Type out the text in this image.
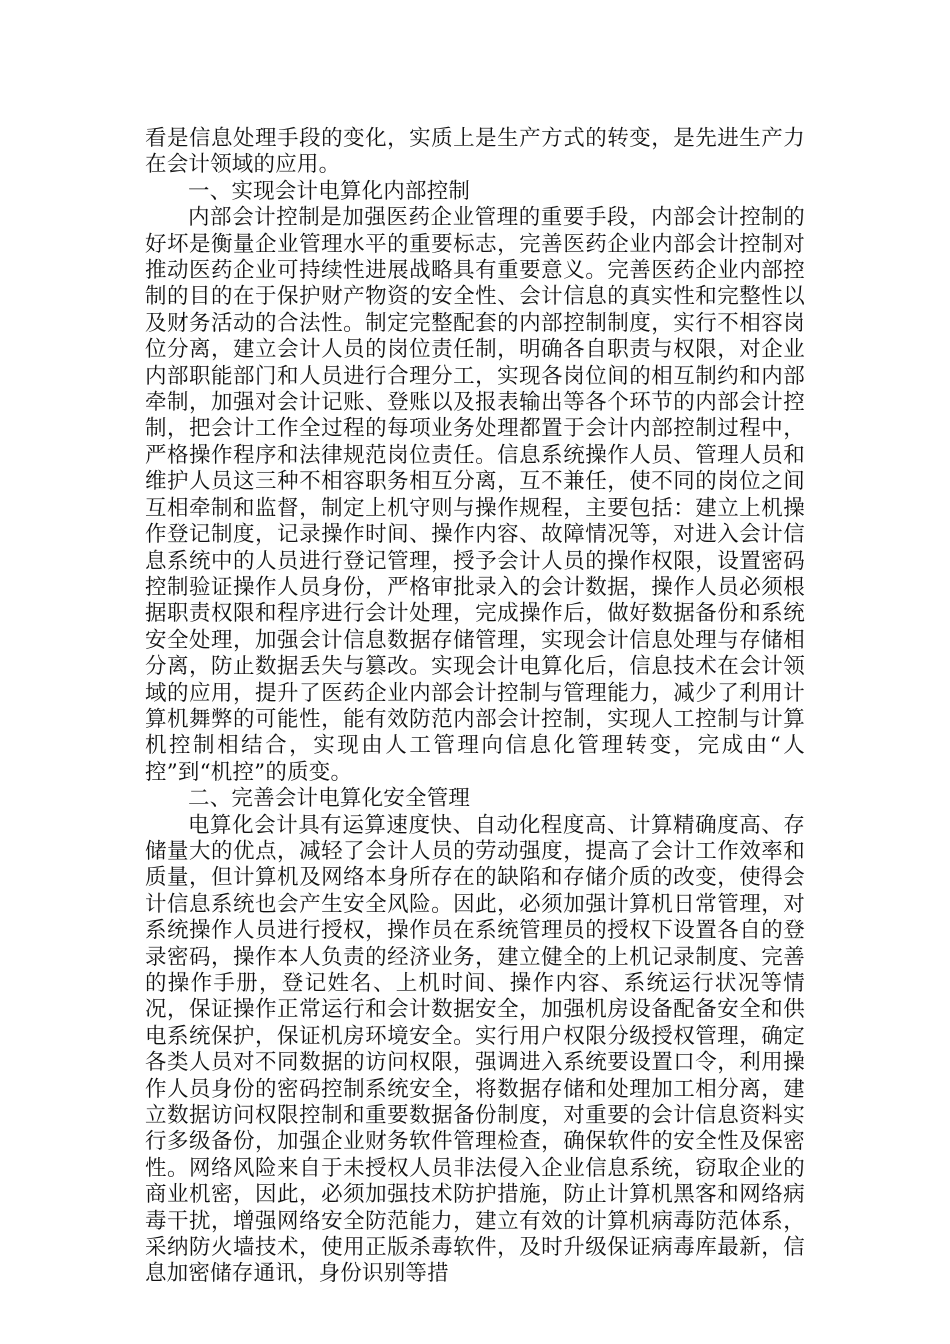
看是信息处理手段的变化，实质上是生产方式的转变，是先进生产力在会计领域的应用。

一、实现会计电算化内部控制

内部会计控制是加强医药企业管理的重要手段，内部会计控制的好坏是衡量企业管理水平的重要标志，完善医药企业内部会计控制对推动医药企业可持续性进展战略具有重要意义。完善医药企业内部控制的目的在于保护财产物资的安全性、会计信息的真实性和完整性以及财务活动的合法性。制定完整配套的内部控制制度，实行不相容岗位分离，建立会计人员的岗位责任制，明确各自职责与权限，对企业内部职能部门和人员进行合理分工，实现各岗位间的相互制约和内部牵制，加强对会计记账、登账以及报表输出等各个环节的内部会计控制，把会计工作全过程的每项业务处理都置于会计内部控制过程中，严格操作程序和法律规范岗位责任。信息系统操作人员、管理人员和维护人员这三种不相容职务相互分离，互不兼任，使不同的岗位之间互相牵制和监督，制定上机守则与操作规程，主要包括：建立上机操作登记制度，记录操作时间、操作内容、故障情况等，对进入会计信息系统中的人员进行登记管理，授予会计人员的操作权限，设置密码控制验证操作人员身份，严格审批录入的会计数据，操作人员必须根据职责权限和程序进行会计处理，完成操作后，做好数据备份和系统安全处理，加强会计信息数据存储管理，实现会计信息处理与存储相分离，防止数据丢失与篡改。实现会计电算化后，信息技术在会计领域的应用，提升了医药企业内部会计控制与管理能力，减少了利用计算机舞弊的可能性，能有效防范内部会计控制，实现人工控制与计算机控制相结合，实现由人工管理向信息化管理转变，完成由“人控”到“机控”的质变。

二、完善会计电算化安全管理

电算化会计具有运算速度快、自动化程度高、计算精确度高、存储量大的优点，减轻了会计人员的劳动强度，提高了会计工作效率和质量，但计算机及网络本身所存在的缺陷和存储介质的改变，使得会计信息系统也会产生安全风险。因此，必须加强计算机日常管理，对系统操作人员进行授权，操作员在系统管理员的授权下设置各自的登录密码，操作本人负责的经济业务，建立健全的上机记录制度、完善的操作手册，登记姓名、上机时间、操作内容、系统运行状况等情况，保证操作正常运行和会计数据安全，加强机房设备配备安全和供电系统保护，保证机房环境安全。实行用户权限分级授权管理，确定各类人员对不同数据的访问权限，强调进入系统要设置口令，利用操作人员身份的密码控制系统安全，将数据存储和处理加工相分离，建立数据访问权限控制和重要数据备份制度，对重要的会计信息资料实行多级备份，加强企业财务软件管理检查，确保软件的安全性及保密性。网络风险来自于未授权人员非法侵入企业信息系统，窃取企业的商业机密，因此，必须加强技术防护措施，防止计算机黑客和网络病毒干扰，增强网络安全防范能力，建立有效的计算机病毒防范体系，采纳防火墙技术，使用正版杀毒软件，及时升级保证病毒库最新，信息加密储存通讯，身份识别等措
